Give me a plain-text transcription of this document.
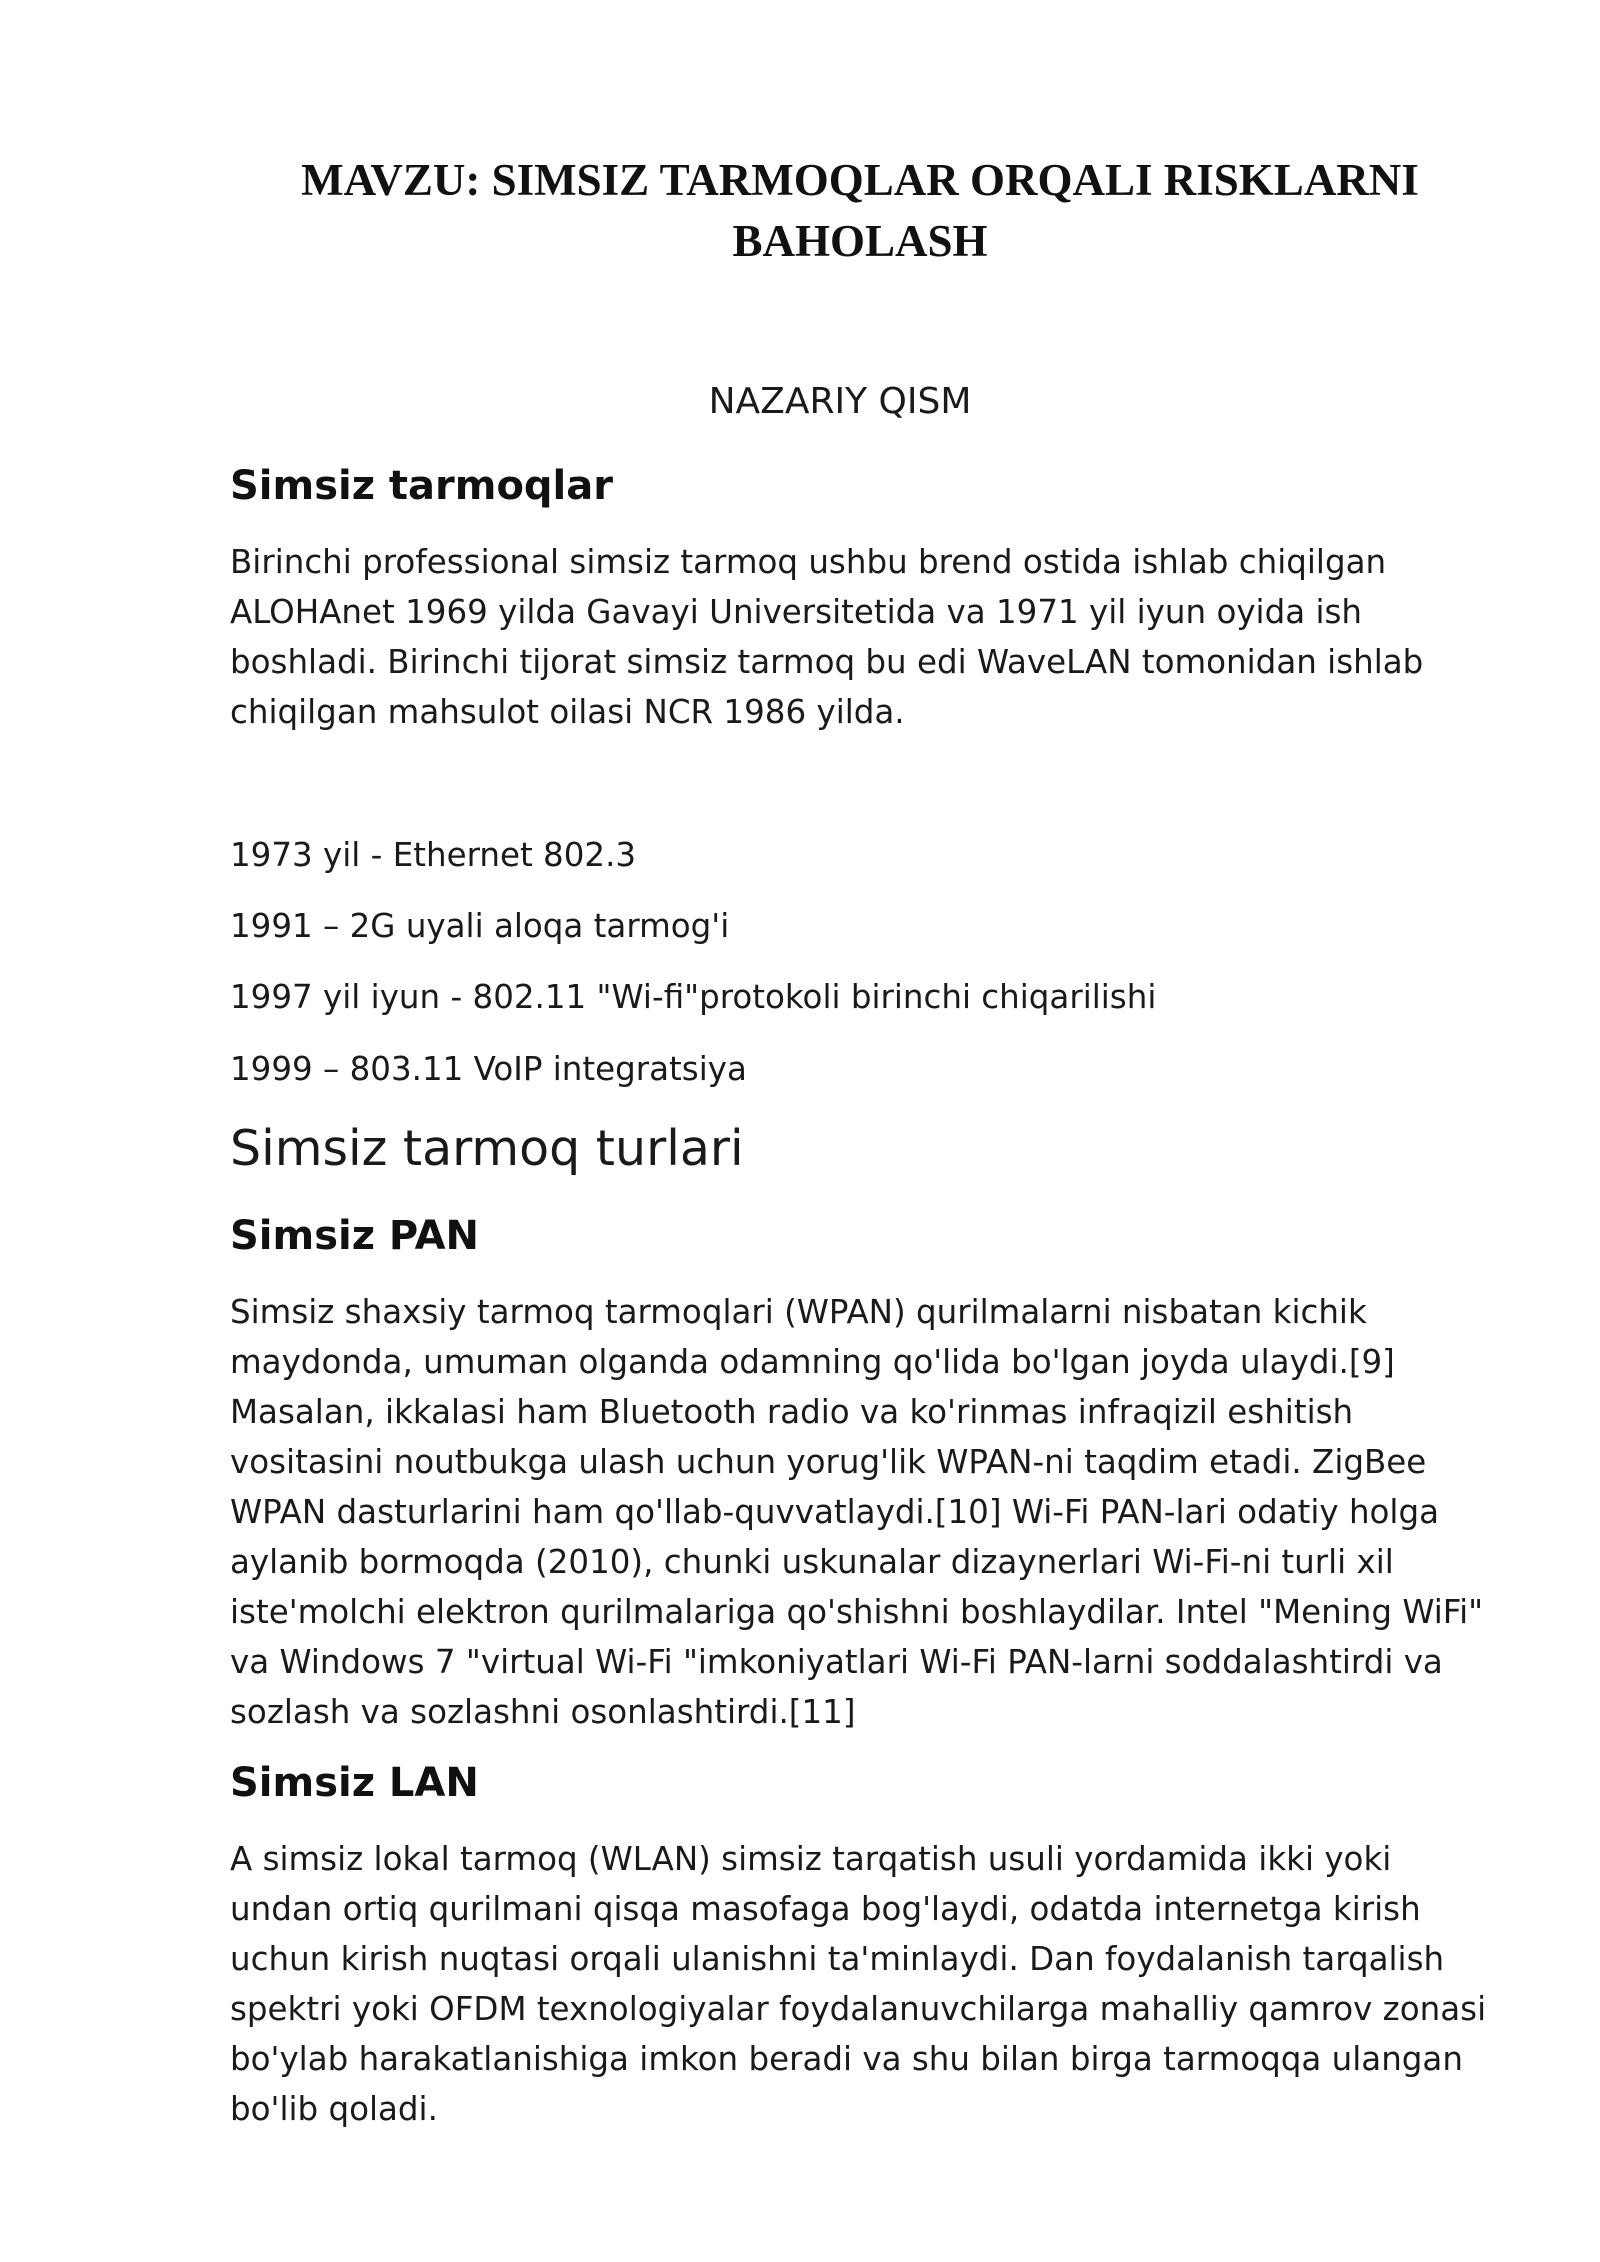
MAVZU: SIMSIZ TARMOQLAR ORQALI RISKLARNI BAHOLASH
NAZARIY QISM
Simsiz tarmoqlar

Birinchi professional simsiz tarmoq ushbu brend ostida ishlab chiqilgan ALOHAnet 1969 yilda Gavayi Universitetida va 1971 yil iyun oyida ish boshladi. Birinchi tijorat simsiz tarmoq bu edi WaveLAN tomonidan ishlab chiqilgan mahsulot oilasi NCR 1986 yilda.

1973 yil - Ethernet 802.3
1991 – 2G uyali aloqa tarmog'i
1997 yil iyun - 802.11 "Wi-fi"protokoli birinchi chiqarilishi
1999 – 803.11 VoIP integratsiya
Simsiz tarmoq turlari
Simsiz PAN

Simsiz shaxsiy tarmoq tarmoqlari (WPAN) qurilmalarni nisbatan kichik maydonda, umuman olganda odamning qo'lida bo'lgan joyda ulaydi.[9] Masalan, ikkalasi ham Bluetooth radio va ko'rinmas infraqizil eshitish vositasini noutbukga ulash uchun yorug'lik WPAN-ni taqdim etadi. ZigBee WPAN dasturlarini ham qo'llab-quvvatlaydi.[10] Wi-Fi PAN-lari odatiy holga aylanib bormoqda (2010), chunki uskunalar dizaynerlari Wi-Fi-ni turli xil iste'molchi elektron qurilmalariga qo'shishni boshlaydilar. Intel "Mening WiFi" va Windows 7 "virtual Wi-Fi "imkoniyatlari Wi-Fi PAN-larni soddalashtirdi va sozlash va sozlashni osonlashtirdi.[11]

Simsiz LAN

A simsiz lokal tarmoq (WLAN) simsiz tarqatish usuli yordamida ikki yoki undan ortiq qurilmani qisqa masofaga bog'laydi, odatda internetga kirish uchun kirish nuqtasi orqali ulanishni ta'minlaydi. Dan foydalanish tarqalish spektri yoki OFDM texnologiyalar foydalanuvchilarga mahalliy qamrov zonasi bo'ylab harakatlanishiga imkon beradi va shu bilan birga tarmoqqa ulangan bo'lib qoladi.
